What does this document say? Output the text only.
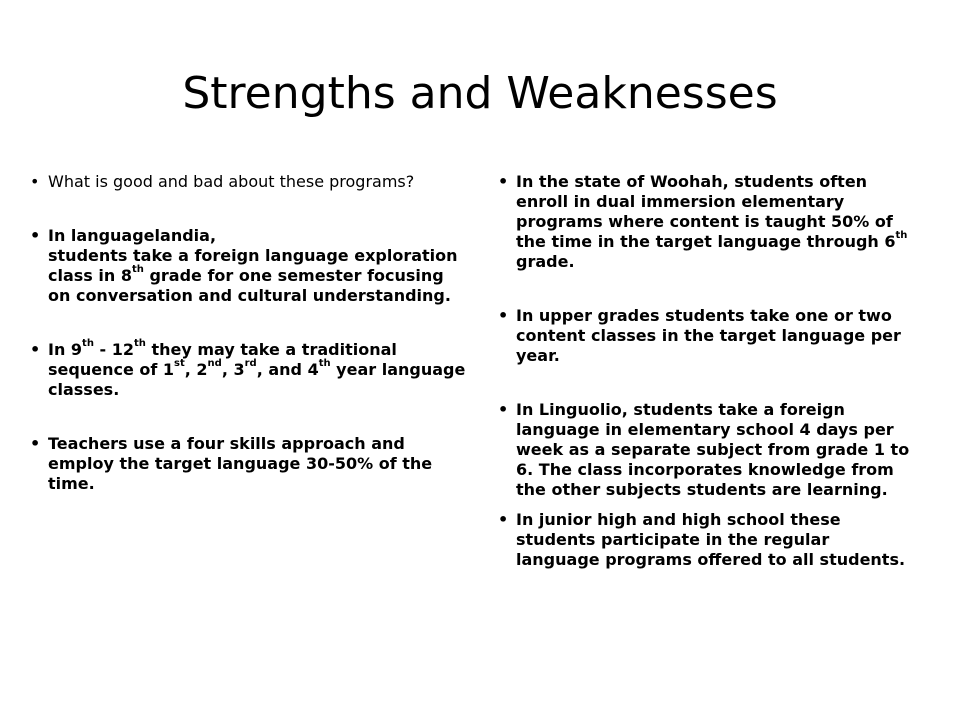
Strengths and Weaknesses
• What is good and bad about these programs?
• In languagelandia,
students take a foreign language exploration class in 8th grade for one semester focusing on conversation and cultural understanding.
• In 9th - 12th they may take a traditional sequence of 1st, 2nd, 3rd, and 4th year language classes.
• Teachers use a four skills approach and employ the target language 30-50% of the time.
• In the state of Woohah, students often enroll in dual immersion elementary programs where content is taught 50% of the time in the target language through 6th grade.
• In upper grades students take one or two content classes in the target language per year.
• In Linguolio, students take a foreign language in elementary school 4 days per week as a separate subject from grade 1 to 6. The class incorporates knowledge from the other subjects students are learning.
• In junior high and high school these students participate in the regular language programs offered to all students.
